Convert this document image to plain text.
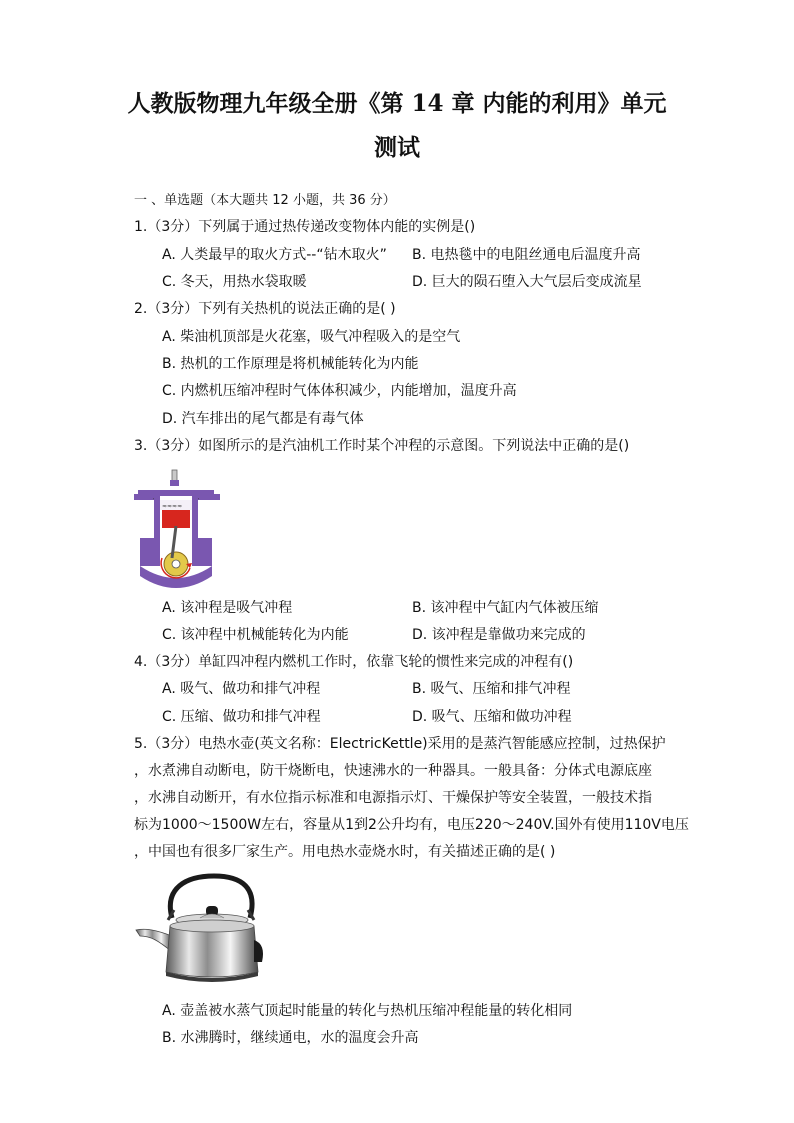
人教版物理九年级全册《第 14 章 内能的利用》单元测试
一 、单选题（本大题共 12 小题，共 36 分）
1.（3分）下列属于通过热传递改变物体内能的实例是()
A. 人类最早的取火方式--“钻木取火” B. 电热毯中的电阻丝通电后温度升高
C. 冬天，用热水袋取暖	D. 巨大的陨石堕入大气层后变成流星
2.（3分）下列有关热机的说法正确的是( )
A. 柴油机顶部是火花塞，吸气冲程吸入的是空气
B. 热机的工作原理是将机械能转化为内能
C. 内燃机压缩冲程时气体体积减少，内能增加，温度升高
D. 汽车排出的尾气都是有毒气体
3.（3分）如图所示的是汽油机工作时某个冲程的示意图。下列说法中正确的是()
≈≈≈≈
A. 该冲程是吸气冲程	B. 该冲程中气缸内气体被压缩
C. 该冲程中机械能转化为内能	D. 该冲程是靠做功来完成的
4.（3分）单缸四冲程内燃机工作时，依靠飞轮的惯性来完成的冲程有()
A. 吸气、做功和排气冲程	B. 吸气、压缩和排气冲程
C. 压缩、做功和排气冲程	D. 吸气、压缩和做功冲程
5.（3分）电热水壶(英文名称：ElectricKettle)采用的是蒸汽智能感应控制，过热保护
，水煮沸自动断电，防干烧断电，快速沸水的一种器具。一般具备：分体式电源底座
，水沸自动断开，有水位指示标准和电源指示灯、干燥保护等安全装置，一般技术指
标为1000～1500W左右，容量从1到2公升均有，电压220～240V.国外有使用110V电压
，中国也有很多厂家生产。用电热水壶烧水时，有关描述正确的是( )
A. 壶盖被水蒸气顶起时能量的转化与热机压缩冲程能量的转化相同
B. 水沸腾时，继续通电，水的温度会升高
